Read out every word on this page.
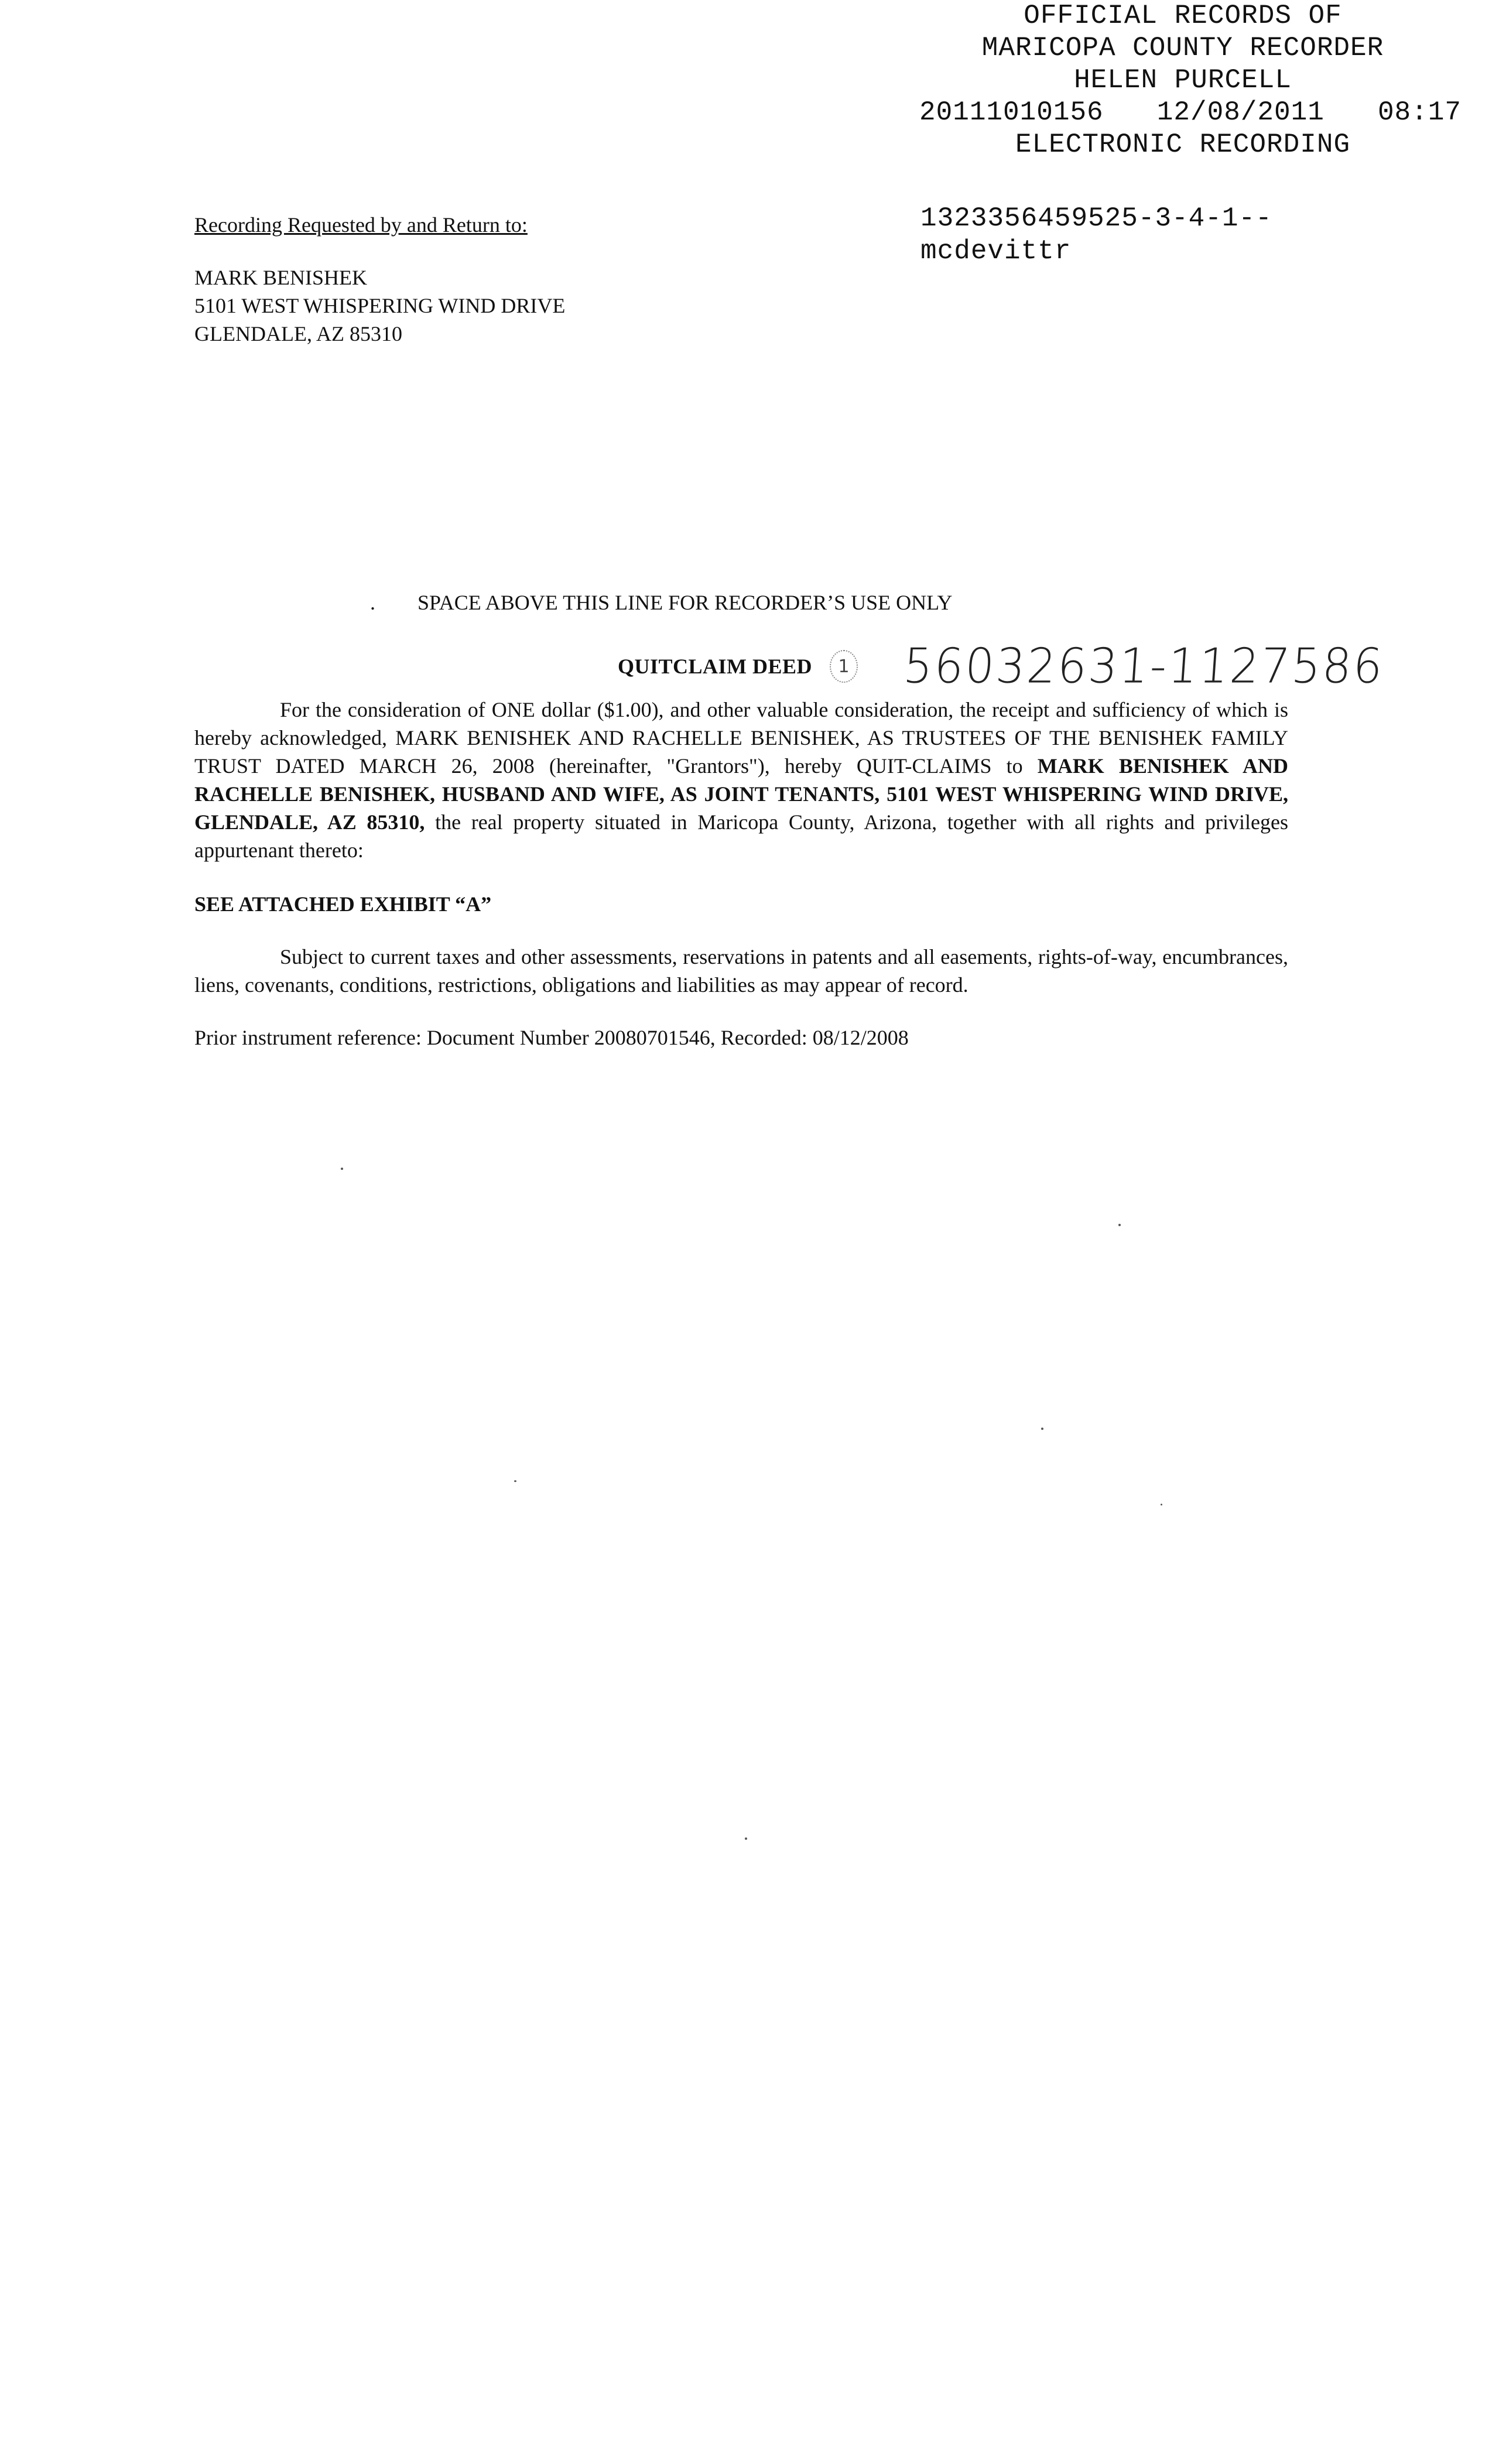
OFFICIAL RECORDS OF
MARICOPA COUNTY RECORDER
HELEN PURCELL
20111010156 12/08/2011 08:17
ELECTRONIC RECORDING
1323356459525-3-4-1--
mcdevittr
Recording Requested by and Return to:
MARK BENISHEK
5101 WEST WHISPERING WIND DRIVE
GLENDALE, AZ 85310
. SPACE ABOVE THIS LINE FOR RECORDER’S USE ONLY
QUITCLAIM DEED	1 56032631-1127586
For the consideration of ONE dollar ($1.00), and other valuable consideration, the receipt and sufficiency of which is hereby acknowledged, MARK BENISHEK AND RACHELLE BENISHEK, AS TRUSTEES OF THE BENISHEK FAMILY TRUST DATED MARCH 26, 2008 (hereinafter, "Grantors"), hereby QUIT-CLAIMS to MARK BENISHEK AND RACHELLE BENISHEK, HUSBAND AND WIFE, AS JOINT TENANTS, 5101 WEST WHISPERING WIND DRIVE, GLENDALE, AZ 85310, the real property situated in Maricopa County, Arizona, together with all rights and privileges appurtenant thereto:
SEE ATTACHED EXHIBIT “A”
Subject to current taxes and other assessments, reservations in patents and all easements, rights-of-way, encumbrances, liens, covenants, conditions, restrictions, obligations and liabilities as may appear of record.
Prior instrument reference: Document Number 20080701546, Recorded: 08/12/2008
